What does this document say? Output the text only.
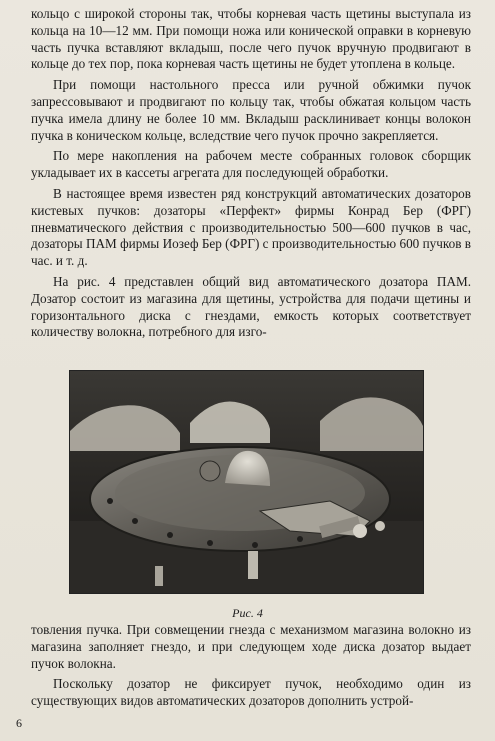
кольцо с широкой стороны так, чтобы корневая часть щетины выступала из кольца на 10—12 мм. При помощи ножа или конической оправки в корневую часть пучка вставляют вкладыш, после чего пучок вручную продвигают в кольце до тех пор, пока корневая часть щетины не будет утоплена в кольце.

При помощи настольного пресса или ручной обжимки пучок запрессовывают и продвигают по кольцу так, чтобы обжатая кольцом часть пучка имела длину не более 10 мм. Вкладыш расклинивает концы волокон пучка в коническом кольце, вследствие чего пучок прочно закрепляется.

По мере накопления на рабочем месте собранных головок сборщик укладывает их в кассеты агрегата для последующей обработки.

В настоящее время известен ряд конструкций автоматических дозаторов кистевых пучков: дозаторы «Перфект» фирмы Конрад Бер (ФРГ) пневматического действия с производительностью 500—600 пучков в час, дозаторы ПАМ фирмы Иозеф Бер (ФРГ) с производительностью 600 пучков в час. и т. д.

На рис. 4 представлен общий вид автоматического дозатора ПАМ. Дозатор состоит из магазина для щетины, устройства для подачи щетины и горизонтального диска с гнездами, емкость которых соответствует количеству волокна, потребного для изго-

Рис. 4

товления пучка. При совмещении гнезда с механизмом магазина волокно из магазина заполняет гнездо, и при следующем ходе диска дозатор выдает пучок волокна.

Поскольку дозатор не фиксирует пучок, необходимо один из существующих видов автоматических дозаторов дополнить устрой-

6
